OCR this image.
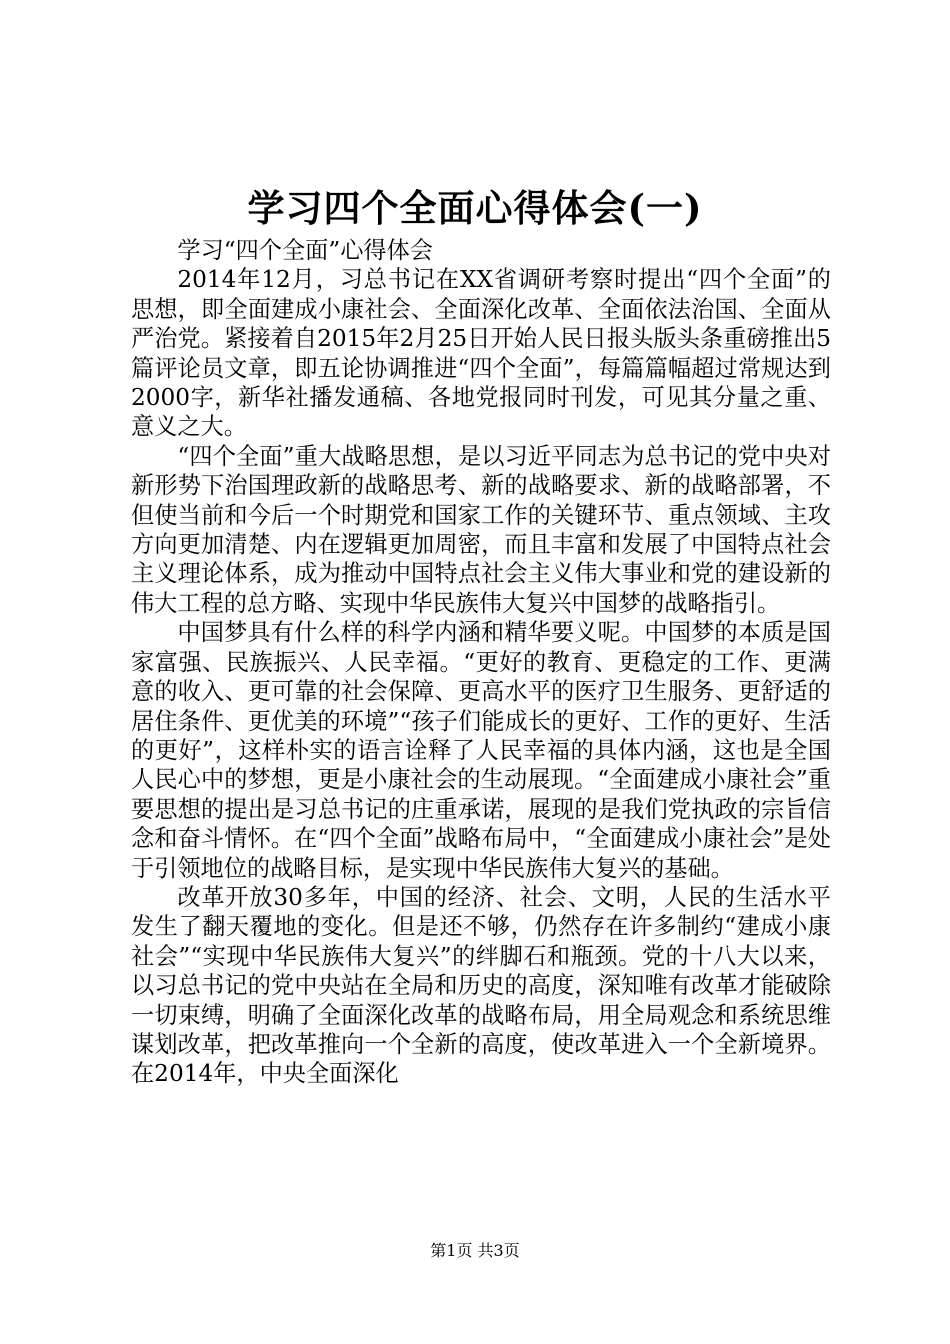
学习四个全面心得体会(一)

学习“四个全面”心得体会

2014年12月，习总书记在XX省调研考察时提出“四个全面”的思想，即全面建成小康社会、全面深化改革、全面依法治国、全面从严治党。紧接着自2015年2月25日开始人民日报头版头条重磅推出5篇评论员文章，即五论协调推进“四个全面”，每篇篇幅超过常规达到2000字，新华社播发通稿、各地党报同时刊发，可见其分量之重、意义之大。

“四个全面”重大战略思想，是以习近平同志为总书记的党中央对新形势下治国理政新的战略思考、新的战略要求、新的战略部署，不但使当前和今后一个时期党和国家工作的关键环节、重点领域、主攻方向更加清楚、内在逻辑更加周密，而且丰富和发展了中国特点社会主义理论体系，成为推动中国特点社会主义伟大事业和党的建设新的伟大工程的总方略、实现中华民族伟大复兴中国梦的战略指引。

中国梦具有什么样的科学内涵和精华要义呢。中国梦的本质是国家富强、民族振兴、人民幸福。“更好的教育、更稳定的工作、更满意的收入、更可靠的社会保障、更高水平的医疗卫生服务、更舒适的居住条件、更优美的环境”“孩子们能成长的更好、工作的更好、生活的更好”，这样朴实的语言诠释了人民幸福的具体内涵，这也是全国人民心中的梦想，更是小康社会的生动展现。“全面建成小康社会”重要思想的提出是习总书记的庄重承诺，展现的是我们党执政的宗旨信念和奋斗情怀。在“四个全面”战略布局中，“全面建成小康社会”是处于引领地位的战略目标，是实现中华民族伟大复兴的基础。

改革开放30多年，中国的经济、社会、文明，人民的生活水平发生了翻天覆地的变化。但是还不够，仍然存在许多制约“建成小康社会”“实现中华民族伟大复兴”的绊脚石和瓶颈。党的十八大以来，以习总书记的党中央站在全局和历史的高度，深知唯有改革才能破除一切束缚，明确了全面深化改革的战略布局，用全局观念和系统思维谋划改革，把改革推向一个全新的高度，使改革进入一个全新境界。在2014年，中央全面深化

第1页 共3页
